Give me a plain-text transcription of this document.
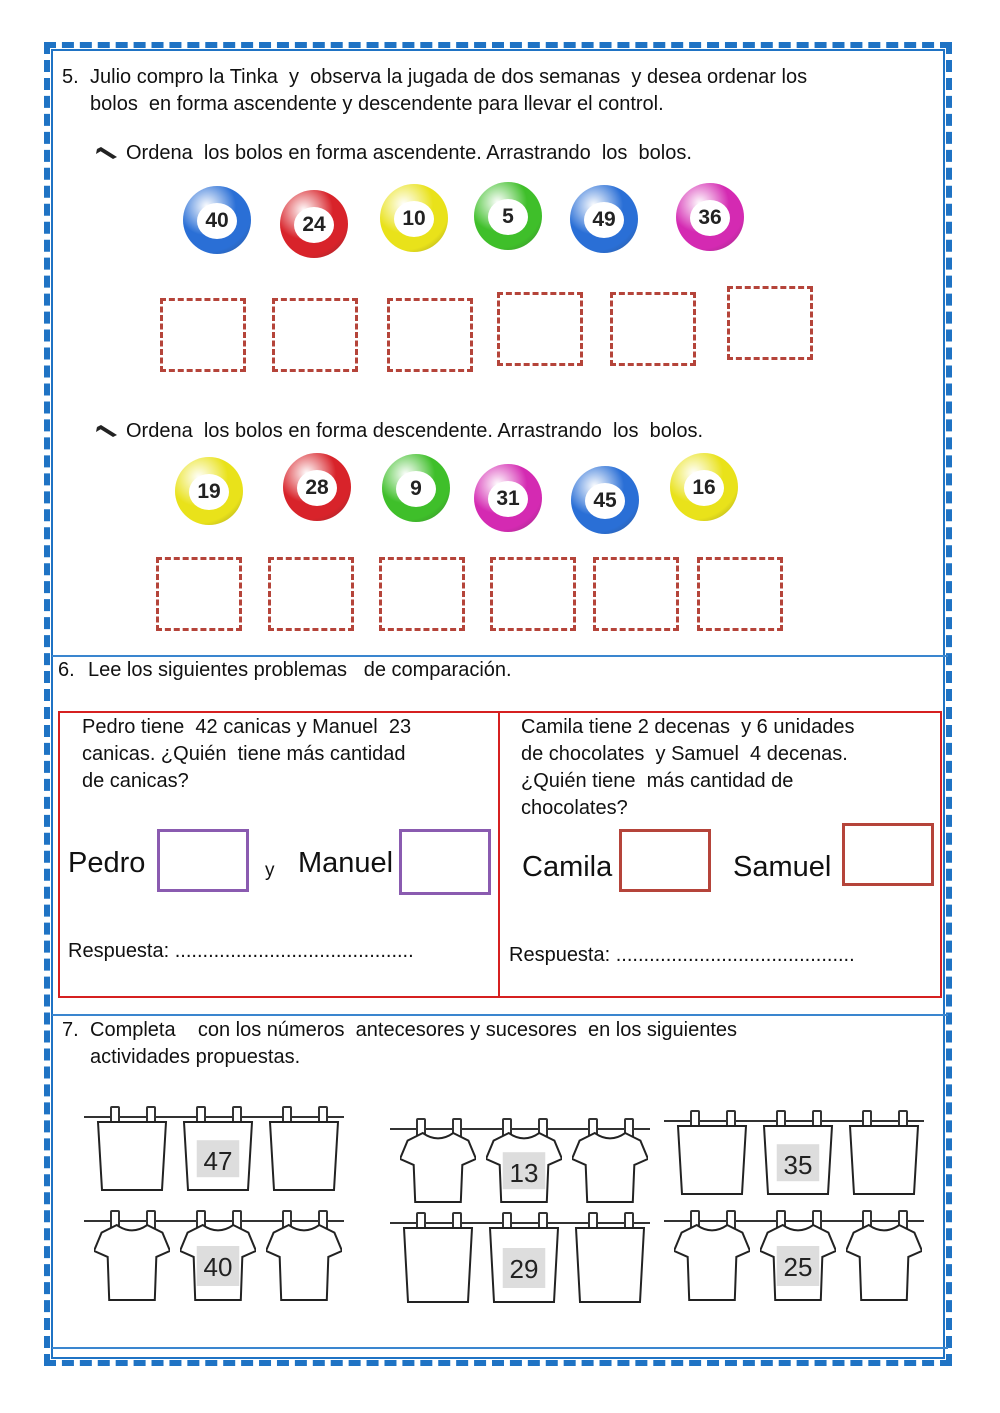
5. Julio compro la Tinka  y  observa la jugada de dos semanas  y desea ordenar los
bolos  en forma ascendente y descendente para llevar el control.
Ordena  los bolos en forma ascendente. Arrastrando  los  bolos.
40	24	10	5	49	36
Ordena  los bolos en forma descendente. Arrastrando  los  bolos.
19	28	9	31	45
16
6. Lee los siguientes problemas   de comparación.
Pedro tiene  42 canicas y Manuel  23
canicas. ¿Quién  tiene más cantidad
de canicas?
Pedro	y Manuel
Respuesta: ...........................................
Camila tiene 2 decenas  y 6 unidades
de chocolates  y Samuel  4 decenas.
¿Quién tiene  más cantidad de
chocolates?
Camila	Samuel
Respuesta: ...........................................
7. Completa    con los números  antecesores y sucesores  en los siguientes
actividades propuestas.
47
40
13
29
35
25
